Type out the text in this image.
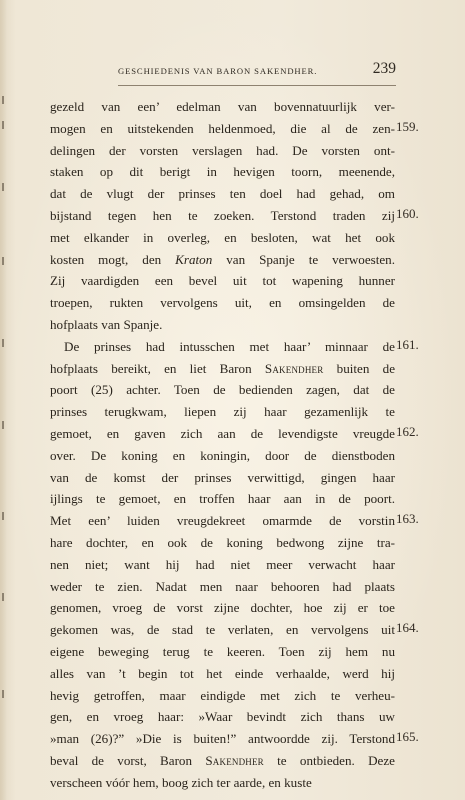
GESCHIEDENIS VAN BARON SAKENDHER.	239
gezeld van een’ edelman van bovennatuurlijk ver-
mogen en uitstekenden heldenmoed, die al de zen-
delingen der vorsten verslagen had. De vorsten ont-
staken op dit berigt in hevigen toorn, meenende,
dat de vlugt der prinses ten doel had gehad, om
bijstand tegen hen te zoeken. Terstond traden zij
met elkander in overleg, en besloten, wat het ook
kosten mogt, den Kraton van Spanje te verwoesten.
Zij vaardigden een bevel uit tot wapening hunner
troepen, rukten vervolgens uit, en omsingelden de
hofplaats van Spanje.
De prinses had intusschen met haar’ minnaar de
hofplaats bereikt, en liet Baron Sakendher buiten de
poort (25) achter. Toen de bedienden zagen, dat de
prinses terugkwam, liepen zij haar gezamenlijk te
gemoet, en gaven zich aan de levendigste vreugde
over. De koning en koningin, door de dienstboden
van de komst der prinses verwittigd, gingen haar
ijlings te gemoet, en troffen haar aan in de poort.
Met een’ luiden vreugdekreet omarmde de vorstin
hare dochter, en ook de koning bedwong zijne tra-
nen niet; want hij had niet meer verwacht haar
weder te zien. Nadat men naar behooren had plaats
genomen, vroeg de vorst zijne dochter, hoe zij er toe
gekomen was, de stad te verlaten, en vervolgens uit
eigene beweging terug te keeren. Toen zij hem nu
alles van ’t begin tot het einde verhaalde, werd hij
hevig getroffen, maar eindigde met zich te verheu-
gen, en vroeg haar: »Waar bevindt zich thans uw
»man (26)?” »Die is buiten!” antwoordde zij. Terstond
beval de vorst, Baron Sakendher te ontbieden. Deze
verscheen vóór hem, boog zich ter aarde, en kuste
159.
160.
161.
162.
163.
164.
165.
